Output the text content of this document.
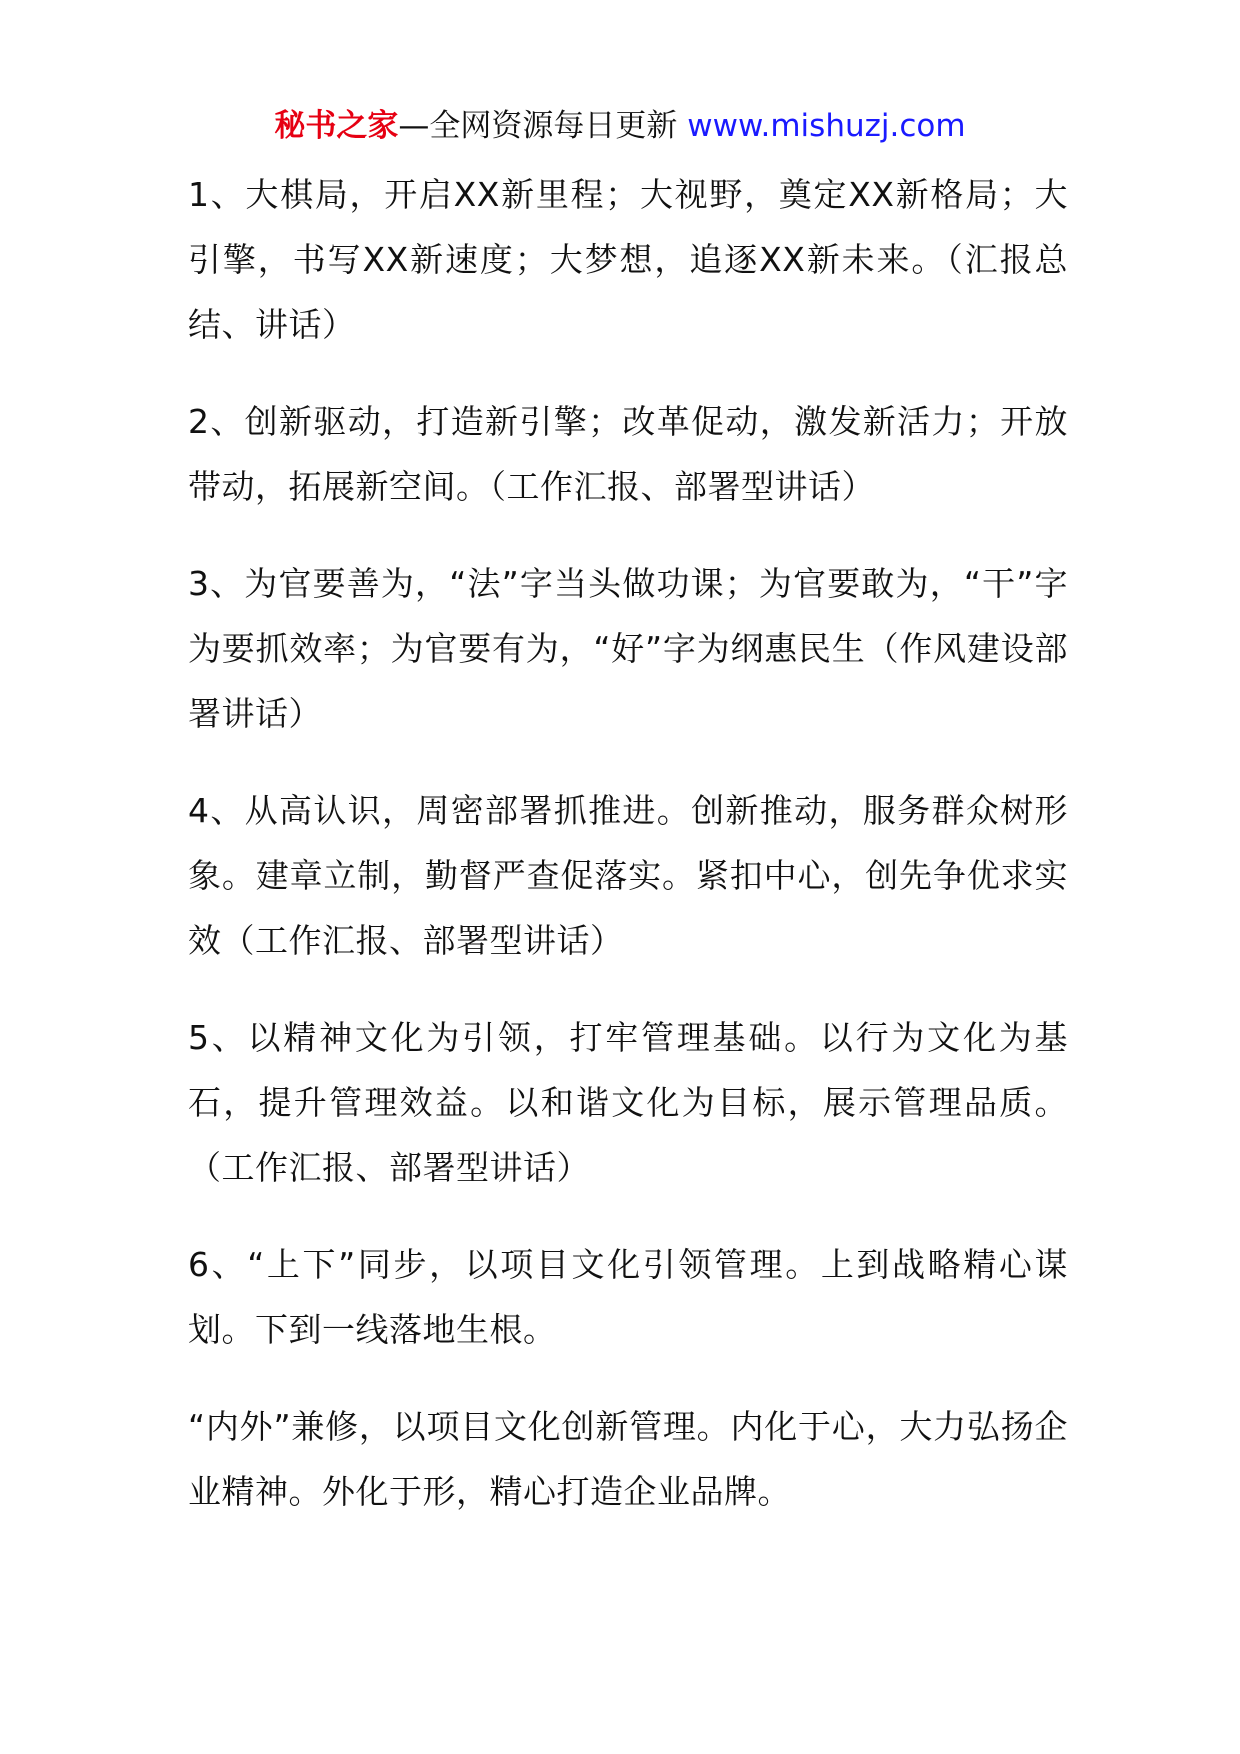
秘书之家—全网资源每日更新 www.mishuzj.com

1、大棋局，开启XX新里程；大视野，奠定XX新格局；大引擎，书写XX新速度；大梦想，追逐XX新未来。（汇报总结、讲话）

2、创新驱动，打造新引擎；改革促动，激发新活力；开放带动，拓展新空间。（工作汇报、部署型讲话）

3、为官要善为，“法”字当头做功课；为官要敢为，“干”字为要抓效率；为官要有为，“好”字为纲惠民生（作风建设部署讲话）

4、从高认识，周密部署抓推进。创新推动，服务群众树形象。建章立制，勤督严查促落实。紧扣中心，创先争优求实效（工作汇报、部署型讲话）

5、以精神文化为引领，打牢管理基础。以行为文化为基石，提升管理效益。以和谐文化为目标，展示管理品质。（工作汇报、部署型讲话）

6、“上下”同步，以项目文化引领管理。上到战略精心谋划。下到一线落地生根。

“内外”兼修，以项目文化创新管理。内化于心，大力弘扬企业精神。外化于形，精心打造企业品牌。
